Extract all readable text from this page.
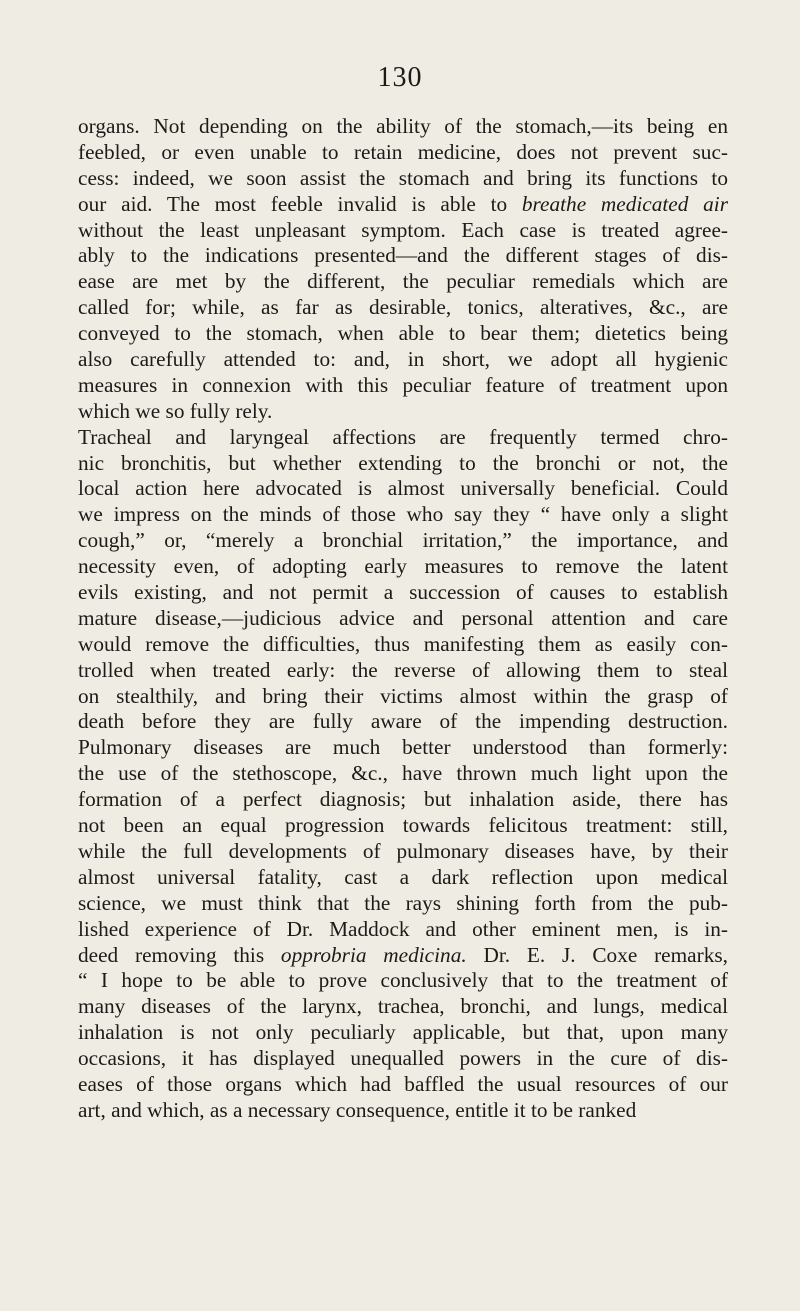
130
organs. Not depending on the ability of the stomach,—its being en
feebled, or even unable to retain medicine, does not prevent suc-
cess: indeed, we soon assist the stomach and bring its functions to
our aid. The most feeble invalid is able to breathe medicated air
without the least unpleasant symptom. Each case is treated agree-
ably to the indications presented—and the different stages of dis-
ease are met by the different, the peculiar remedials which are
called for; while, as far as desirable, tonics, alteratives, &c., are
conveyed to the stomach, when able to bear them; dietetics being
also carefully attended to: and, in short, we adopt all hygienic
measures in connexion with this peculiar feature of treatment upon
which we so fully rely.
Tracheal and laryngeal affections are frequently termed chro-
nic bronchitis, but whether extending to the bronchi or not, the
local action here advocated is almost universally beneficial. Could
we impress on the minds of those who say they “ have only a slight
cough,” or, “merely a bronchial irritation,” the importance, and
necessity even, of adopting early measures to remove the latent
evils existing, and not permit a succession of causes to establish
mature disease,—judicious advice and personal attention and care
would remove the difficulties, thus manifesting them as easily con-
trolled when treated early: the reverse of allowing them to steal
on stealthily, and bring their victims almost within the grasp of
death before they are fully aware of the impending destruction.
Pulmonary diseases are much better understood than formerly:
the use of the stethoscope, &c., have thrown much light upon the
formation of a perfect diagnosis; but inhalation aside, there has
not been an equal progression towards felicitous treatment: still,
while the full developments of pulmonary diseases have, by their
almost universal fatality, cast a dark reflection upon medical
science, we must think that the rays shining forth from the pub-
lished experience of Dr. Maddock and other eminent men, is in-
deed removing this opprobria medicina. Dr. E. J. Coxe remarks,
“ I hope to be able to prove conclusively that to the treatment of
many diseases of the larynx, trachea, bronchi, and lungs, medical
inhalation is not only peculiarly applicable, but that, upon many
occasions, it has displayed unequalled powers in the cure of dis-
eases of those organs which had baffled the usual resources of our
art, and which, as a necessary consequence, entitle it to be ranked
